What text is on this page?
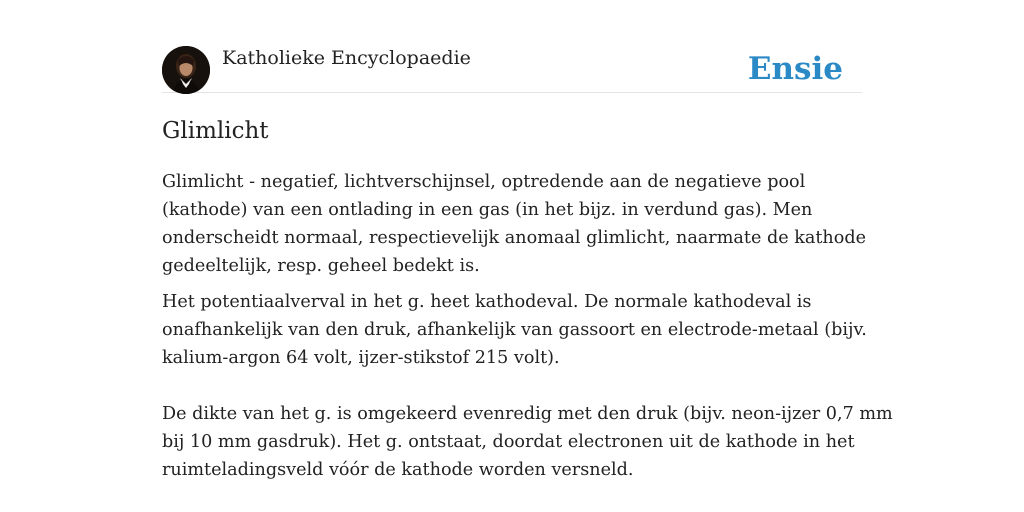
Katholieke Encyclopaedie	Ensie
Glimlicht

Glimlicht - negatief, lichtverschijnsel, optredende aan de negatieve pool
(kathode) van een ontlading in een gas (in het bijz. in verdund gas). Men
onderscheidt normaal, respectievelijk anomaal glimlicht, naarmate de kathode
gedeeltelijk, resp. geheel bedekt is.

Het potentiaalverval in het g. heet kathodeval. De normale kathodeval is
onafhankelijk van den druk, afhankelijk van gassoort en electrode-metaal (bijv.
kalium-argon 64 volt, ijzer-stikstof 215 volt).

De dikte van het g. is omgekeerd evenredig met den druk (bijv. neon-ijzer 0,7 mm
bij 10 mm gasdruk). Het g. ontstaat, doordat electronen uit de kathode in het
ruimteladingsveld vóór de kathode worden versneld.
